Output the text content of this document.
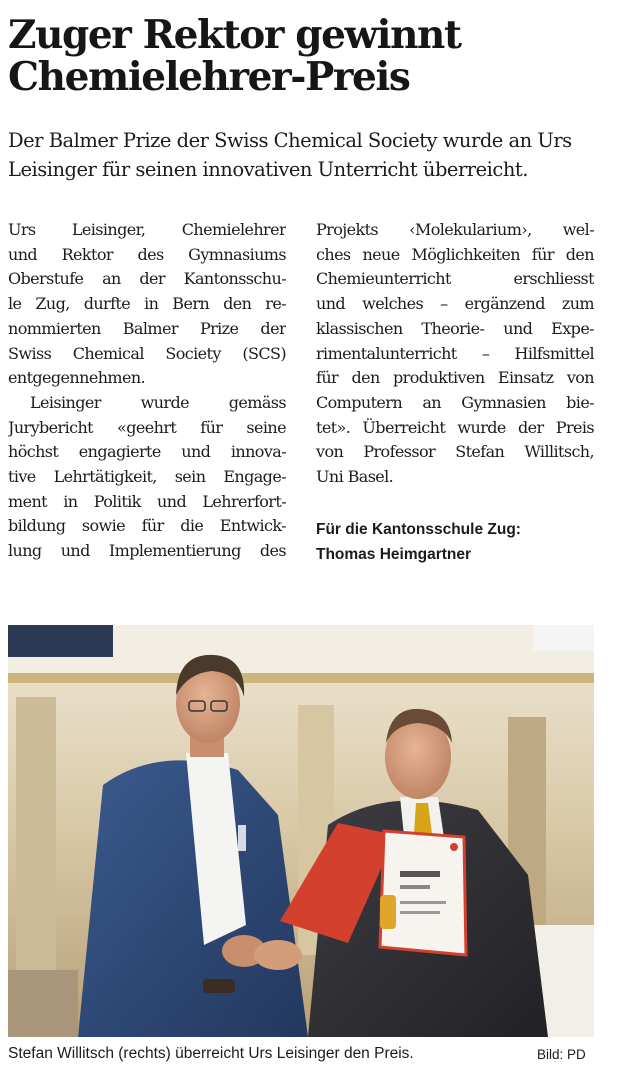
Zuger Rektor gewinnt
Chemielehrer-Preis

Der Balmer Prize der Swiss Chemical Society wurde an Urs
Leisinger für seinen innovativen Unterricht überreicht.

Urs Leisinger, Chemielehrer
und Rektor des Gymnasiums
Oberstufe an der Kantonsschu-
le Zug, durfte in Bern den re-
nommierten Balmer Prize der
Swiss Chemical Society (SCS)
entgegennehmen.
Leisinger wurde gemäss
Jurybericht «geehrt für seine
höchst engagierte und innova-
tive Lehrtätigkeit, sein Engage-
ment in Politik und Lehrerfort-
bildung sowie für die Entwick-
lung und Implementierung des
Projekts ‹Molekularium›, wel-
ches neue Möglichkeiten für den
Chemieunterricht erschliesst
und welches – ergänzend zum
klassischen Theorie- und Expe-
rimentalunterricht – Hilfsmittel
für den produktiven Einsatz von
Computern an Gymnasien bie-
tet». Überreicht wurde der Preis
von Professor Stefan Willitsch,
Uni Basel.
Für die Kantonsschule Zug:
Thomas Heimgartner
Stefan Willitsch (rechts) überreicht Urs Leisinger den Preis.	Bild: PD
